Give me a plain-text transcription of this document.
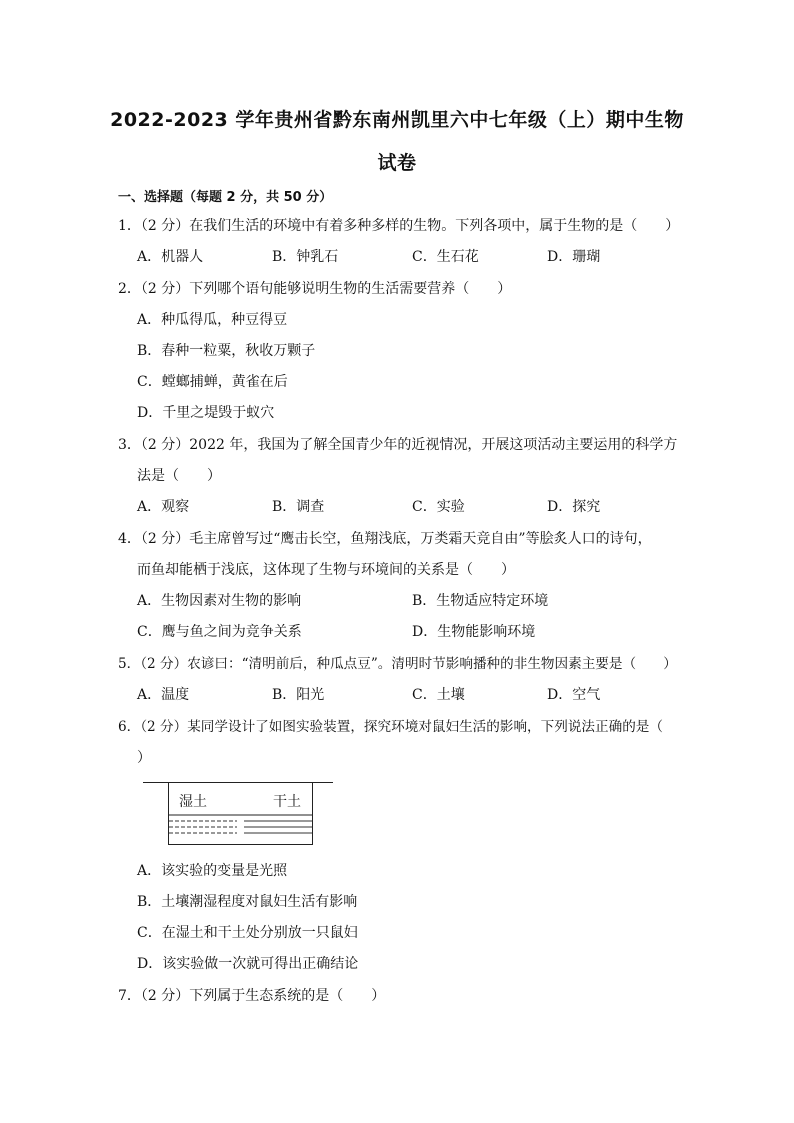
2022-2023 学年贵州省黔东南州凯里六中七年级（上）期中生物
试卷
一、选择题（每题 2 分，共 50 分）
1．（2 分）在我们生活的环境中有着多种多样的生物。下列各项中，属于生物的是（　　）
A．机器人	B．钟乳石	C．生石花	D．珊瑚
2．（2 分）下列哪个语句能够说明生物的生活需要营养（　　）
A．种瓜得瓜，种豆得豆
B．春种一粒粟，秋收万颗子
C．螳螂捕蝉，黄雀在后
D．千里之堤毁于蚁穴
3．（2 分）2022 年，我国为了解全国青少年的近视情况，开展这项活动主要运用的科学方
法是（　　）
A．观察	B．调查	C．实验	D．探究
4．（2 分）毛主席曾写过“鹰击长空，鱼翔浅底，万类霜天竞自由”等脍炙人口的诗句，
而鱼却能栖于浅底，这体现了生物与环境间的关系是（　　）
A．生物因素对生物的影响	B．生物适应特定环境
C．鹰与鱼之间为竞争关系	D．生物能影响环境
5．（2 分）农谚曰：“清明前后，种瓜点豆”。清明时节影响播种的非生物因素主要是（　　）
A．温度	B．阳光	C．土壤	D．空气
6．（2 分）某同学设计了如图实验装置，探究环境对鼠妇生活的影响，下列说法正确的是（
）
湿土	干土
A．该实验的变量是光照
B．土壤潮湿程度对鼠妇生活有影响
C．在湿土和干土处分别放一只鼠妇
D．该实验做一次就可得出正确结论
7．（2 分）下列属于生态系统的是（　　）
